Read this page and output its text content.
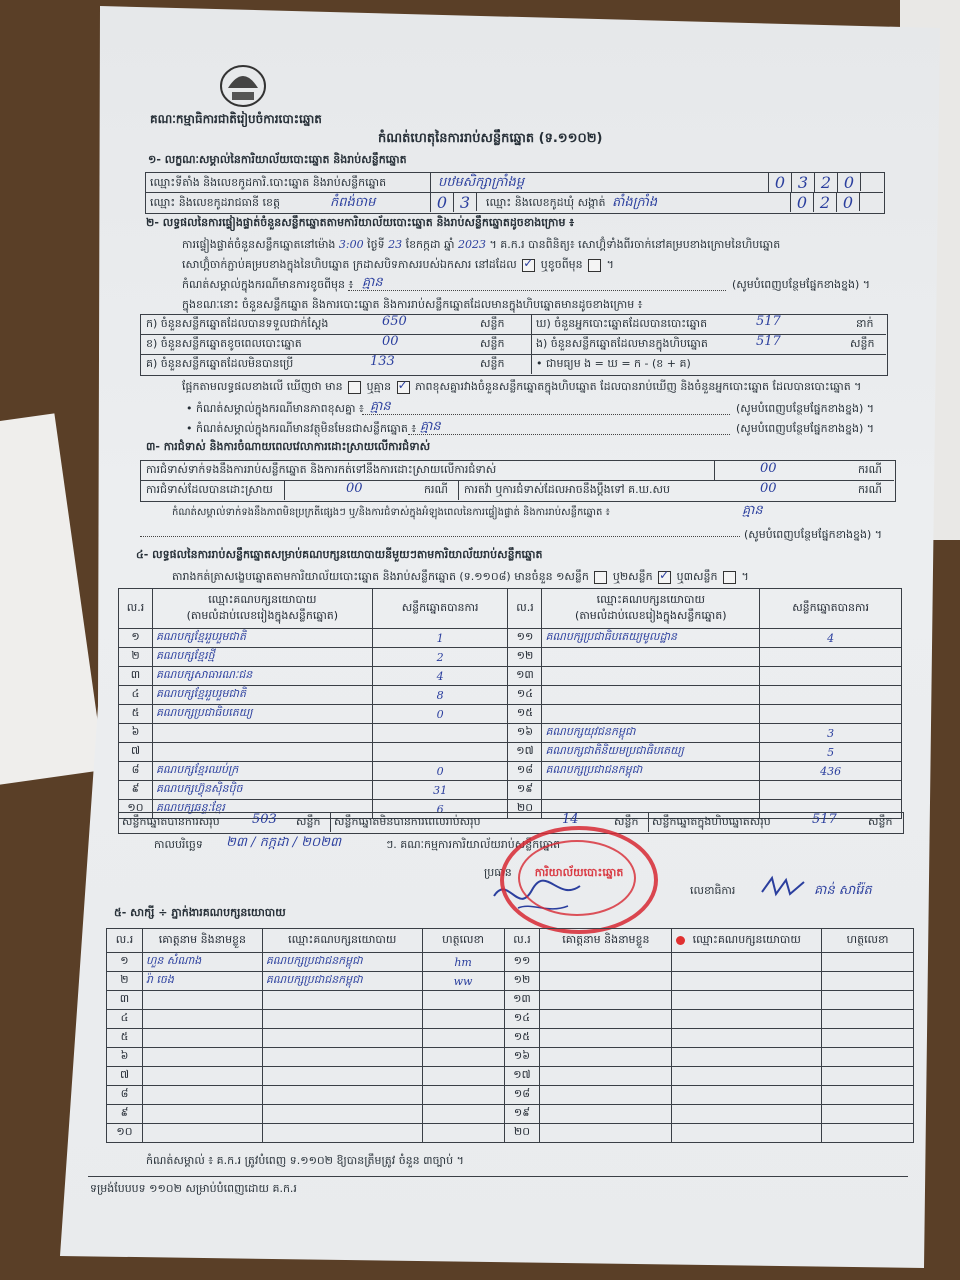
គណៈកម្មាធិការជាតិរៀបចំការបោះឆ្នោត
កំណត់ហេតុនៃការរាប់សន្លឹកឆ្នោត (ទ.១១០២)
១- លក្ខណៈសម្គាល់នៃការិយាល័យបោះឆ្នោត និងរាប់សន្លឹកឆ្នោត
ឈ្មោះទីតាំង និងលេខកូដការិ.បោះឆ្នោត និងរាប់សន្លឹកឆ្នោត	បឋមសិក្សាក្រាំងម្គ	0 3 2 0
ឈ្មោះ និងលេខកូដរាជធានី ខេត្ត	កំពង់ចាម	0 3	ឈ្មោះ និងលេខកូដឃុំ សង្កាត់ តាំងក្រាំង	0 2 0
២- លទ្ធផលនៃការផ្ទៀងផ្ទាត់ចំនួនសន្លឹកឆ្នោតតាមការិយាល័យបោះឆ្នោត និងរាប់សន្លឹកឆ្នោតដូចខាងក្រោម ៖
ការផ្ទៀងផ្ទាត់ចំនួនសន្លឹកឆ្នោតនៅម៉ោង 3:00 ថ្ងៃទី 23 ខែកក្កដា ឆ្នាំ 2023 ។ គ.ក.រ បានពិនិត្យ៖ សោហ្គ៊ំទាំងពីរចាក់នៅគម្របខាងក្រោមនៃហិបឆ្នោត
សោហ្គ៊ំចាក់ភ្ជាប់គម្របខាងក្នុងនៃហិបឆ្នោត ក្រដាសបិទភាសរបស់ឯកសារ នៅដដែល ✓ ឬខូចពីមុន  ។
កំណត់សម្គាល់ក្នុងករណីមានការខូចពីមុន ៖ គ្មាន	(សូមបំពេញបន្ថែមផ្នែកខាងខ្នង) ។
ក្នុងខណៈនោះ ចំនួនសន្លឹកឆ្នោត និងការបោះឆ្នោត និងការរាប់សន្លឹកឆ្នោតដែលមានក្នុងហិបឆ្នោតមានដូចខាងក្រោម ៖
ក) ចំនួនសន្លឹកឆ្នោតដែលបានទទួលជាក់ស្តែង	650	សន្លឹក
ខ) ចំនួនសន្លឹកឆ្នោតខូចពេលបោះឆ្នោត	00	សន្លឹក
គ) ចំនួនសន្លឹកឆ្នោតដែលមិនបានប្រើ	133	សន្លឹក
ឃ) ចំនួនអ្នកបោះឆ្នោតដែលបានបោះឆ្នោត	517	នាក់
ង) ចំនួនសន្លឹកឆ្នោតដែលមានក្នុងហិបឆ្នោត	517	សន្លឹក
• ជាមធ្យម ង = ឃ = ក - (ខ + គ)
ផ្អែកតាមលទ្ធផលខាងលើ ឃើញថា មាន ឬគ្មាន ✓ ភាពខុសគ្នារវាងចំនួនសន្លឹកឆ្នោតក្នុងហិបឆ្នោត ដែលបានរាប់ឃើញ និងចំនួនអ្នកបោះឆ្នោត ដែលបានបោះឆ្នោត ។
• កំណត់សម្គាល់ក្នុងករណីមានភាពខុសគ្នា ៖ គ្មាន	(សូមបំពេញបន្ថែមផ្នែកខាងខ្នង) ។
• កំណត់សម្គាល់ក្នុងករណីមានវត្ថុមិនមែនជាសន្លឹកឆ្នោត ៖ គ្មាន	(សូមបំពេញបន្ថែមផ្នែកខាងខ្នង) ។
៣- ការជំទាស់ និងការចំណាយពេលវេលាការដោះស្រាយលើការជំទាស់
ការជំទាស់ទាក់ទងនឹងការរាប់សន្លឹកឆ្នោត និងការកត់ទៅនឹងការដោះស្រាយលើការជំទាស់	00	ករណី
ការជំទាស់ដែលបានដោះស្រាយ	00	ករណី ការតវ៉ា ឬការជំទាស់ដែលអាចនឹងប្តឹងទៅ គ.ឃ.សប	00	ករណី
កំណត់សម្គាល់ទាក់ទងនឹងភាពមិនប្រក្រតីផ្សេងៗ ឬ/និងការជំទាស់ក្នុងអំឡុងពេលនៃការផ្ទៀងផ្ទាត់ និងការរាប់សន្លឹកឆ្នោត ៖	គ្មាន
(សូមបំពេញបន្ថែមផ្នែកខាងខ្នង) ។
៤- លទ្ធផលនៃការរាប់សន្លឹកឆ្នោតសម្រាប់គណបក្សនយោបាយនីមួយៗតាមការិយាល័យរាប់សន្លឹកឆ្នោត
តារាងកត់ត្រាសង្ខេបឆ្នោតតាមការិយាល័យបោះឆ្នោត និងរាប់សន្លឹកឆ្នោត (ទ.១១០៨) មានចំនួន ១សន្លឹក ឬ២សន្លឹក ✓ ឬ៣សន្លឹក  ។
ល.រ	ឈ្មោះគណបក្សនយោបាយ
(តាមលំដាប់លេខរៀងក្នុងសន្លឹកឆ្នោត)	សន្លឹកឆ្នោតបានការ	ល.រ	ឈ្មោះគណបក្សនយោបាយ
(តាមលំដាប់លេខរៀងក្នុងសន្លឹកឆ្នោត)	សន្លឹកឆ្នោតបានការ
១	គណបក្សខ្មែររួបរួមជាតិ	1	១១	គណបក្សប្រជាធិបតេយ្យមូលដ្ឋាន	4
២	គណបក្សខ្មែរថ្មី	2	១២		
៣	គណបក្សសាធារណៈជន	4	១៣		
៤	គណបក្សខ្មែររួបរួមជាតិ	8	១៤		
៥	គណបក្សប្រជាធិបតេយ្យ	0	១៥		
៦			១៦	គណបក្សយុវជនកម្ពុជា	3
៧			១៧	គណបក្សជាតិនិយមប្រជាធិបតេយ្យ	5
៨	គណបក្សខ្មែរឈប់ក្រ	0	១៨	គណបក្សប្រជាជនកម្ពុជា	436
៩	គណបក្សហ៊្វុនស៊ិនប៉ិច	31	១៩		
១០	គណបក្សឆន្ទៈខ្មែរ	6	២០		
សន្លឹកឆ្នោតបានការសរុប 503 សន្លឹក សន្លឹកឆ្នោតមិនបានការពេលរាប់សរុប	14	សន្លឹក សន្លឹកឆ្នោតក្នុងហិបឆ្នោតសរុប	517	សន្លឹក
កាលបរិច្ឆេទ ២៣ / កក្កដា / ២០២៣	ៗ. គណៈកម្មការការិយាល័យរាប់សន្លឹកឆ្នោត
ប្រធាន	ការិយាល័យបោះឆ្នោត
លេខាធិការ	គាន់ សារ៉ែត
៥- សាក្សី ÷ ភ្នាក់ងារគណបក្សនយោបាយ
ល.រ	គោត្តនាម និងនាមខ្លួន	ឈ្មោះគណបក្សនយោបាយ	ហត្ថលេខា	ល.រ	គោត្តនាម និងនាមខ្លួន	ឈ្មោះគណបក្សនយោបាយ	ហត្ថលេខា
១	ហួន សំណាង	គណបក្សប្រជាជនកម្ពុជា	hm	១១			
២	រ៉ា ចេង	គណបក្សប្រជាជនកម្ពុជា	ww	១២			
៣				១៣			
៤				១៤			
៥				១៥			
៦				១៦			
៧				១៧			
៨				១៨			
៩				១៩			
១០				២០			
កំណត់សម្គាល់ ៖ គ.ក.រ ត្រូវបំពេញ ទ.១១០២ ឱ្យបានត្រឹមត្រូវ ចំនួន ៣ច្បាប់ ។
ទម្រង់បែបបទ ១១០២ សម្រាប់បំពេញដោយ គ.ក.រ
